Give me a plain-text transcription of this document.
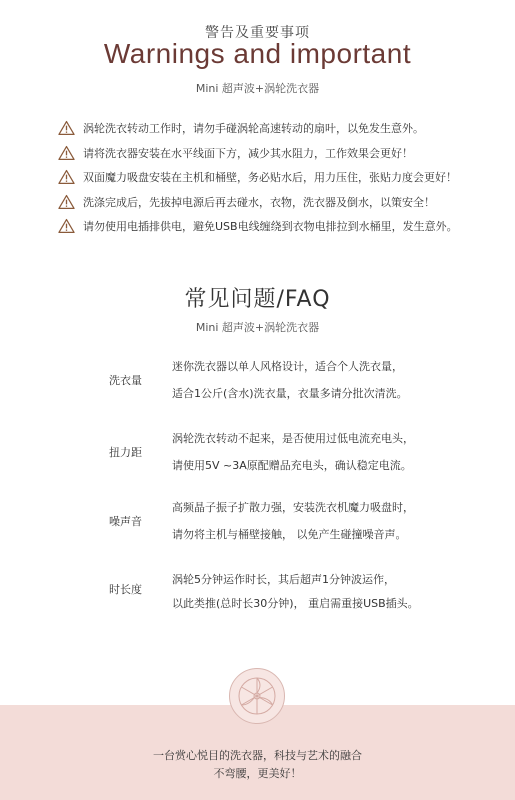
警告及重要事项
Warnings and important
Mini 超声波+涡轮洗衣器
涡轮洗衣转动工作时，请勿手碰涡轮高速转动的扇叶，以免发生意外。
请将洗衣器安装在水平线面下方，减少其水阻力，工作效果会更好！
双面魔力吸盘安装在主机和桶壁，务必贴水后，用力压住，张贴力度会更好！
洗涤完成后，先拔掉电源后再去碰水，衣物，洗衣器及倒水，以策安全！
请勿使用电插排供电，避免USB电线缠绕到衣物电排拉到水桶里，发生意外。
常见问题/FAQ
Mini 超声波+涡轮洗衣器
洗衣量
迷你洗衣器以单人风格设计，适合个人洗衣量，
适合1公斤(含水)洗衣量，衣量多请分批次清洗。
扭力距
涡轮洗衣转动不起来，是否使用过低电流充电头，
请使用5V ~3A原配赠品充电头，确认稳定电流。
噪声音
高频晶子振子扩散力强，安装洗衣机魔力吸盘时，
请勿将主机与桶壁接触， 以免产生碰撞噪音声。
时长度
涡轮5分钟运作时长，其后超声1分钟波运作，
以此类推(总时长30分钟)， 重启需重接USB插头。
一台赏心悦目的洗衣器，科技与艺术的融合
不弯腰，更美好！
